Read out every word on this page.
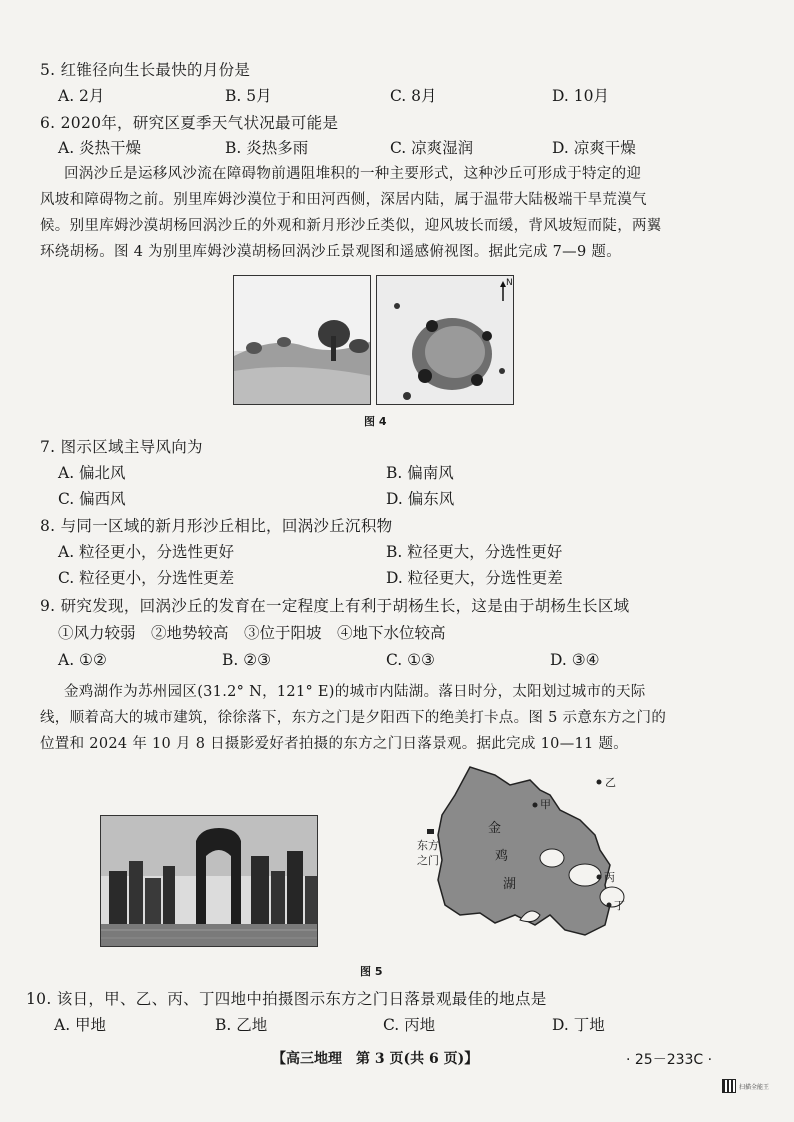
5. 红锥径向生长最快的月份是
A. 2月	B. 5月	C. 8月	D. 10月
6. 2020年，研究区夏季天气状况最可能是
A. 炎热干燥	B. 炎热多雨	C. 凉爽湿润	D. 凉爽干燥
回涡沙丘是运移风沙流在障碍物前遇阻堆积的一种主要形式，这种沙丘可形成于特定的迎
风坡和障碍物之前。别里库姆沙漠位于和田河西侧，深居内陆，属于温带大陆极端干旱荒漠气
候。别里库姆沙漠胡杨回涡沙丘的外观和新月形沙丘类似，迎风坡长而缓，背风坡短而陡，两翼
环绕胡杨。图 4 为别里库姆沙漠胡杨回涡沙丘景观图和遥感俯视图。据此完成 7—9 题。
N
图 4
7. 图示区域主导风向为
A. 偏北风	B. 偏南风
C. 偏西风	D. 偏东风
8. 与同一区域的新月形沙丘相比，回涡沙丘沉积物
A. 粒径更小，分选性更好	B. 粒径更大，分选性更好
C. 粒径更小，分选性更差	D. 粒径更大，分选性更差
9. 研究发现，回涡沙丘的发育在一定程度上有利于胡杨生长，这是由于胡杨生长区域
①风力较弱　②地势较高　③位于阳坡　④地下水位较高
A. ①②	B. ②③	C. ①③	D. ③④
金鸡湖作为苏州园区(31.2° N，121° E)的城市内陆湖。落日时分，太阳划过城市的天际
线，顺着高大的城市建筑，徐徐落下，东方之门是夕阳西下的绝美打卡点。图 5 示意东方之门的
位置和 2024 年 10 月 8 日摄影爱好者拍摄的东方之门日落景观。据此完成 10—11 题。
金
鸡
湖
东方
之门
甲
乙
丙
丁
图 5
10. 该日，甲、乙、丙、丁四地中拍摄图示东方之门日落景观最佳的地点是
A. 甲地	B. 乙地	C. 丙地	D. 丁地
【高三地理　第 3 页(共 6 页)】	· 25－233C ·
扫描全能王
